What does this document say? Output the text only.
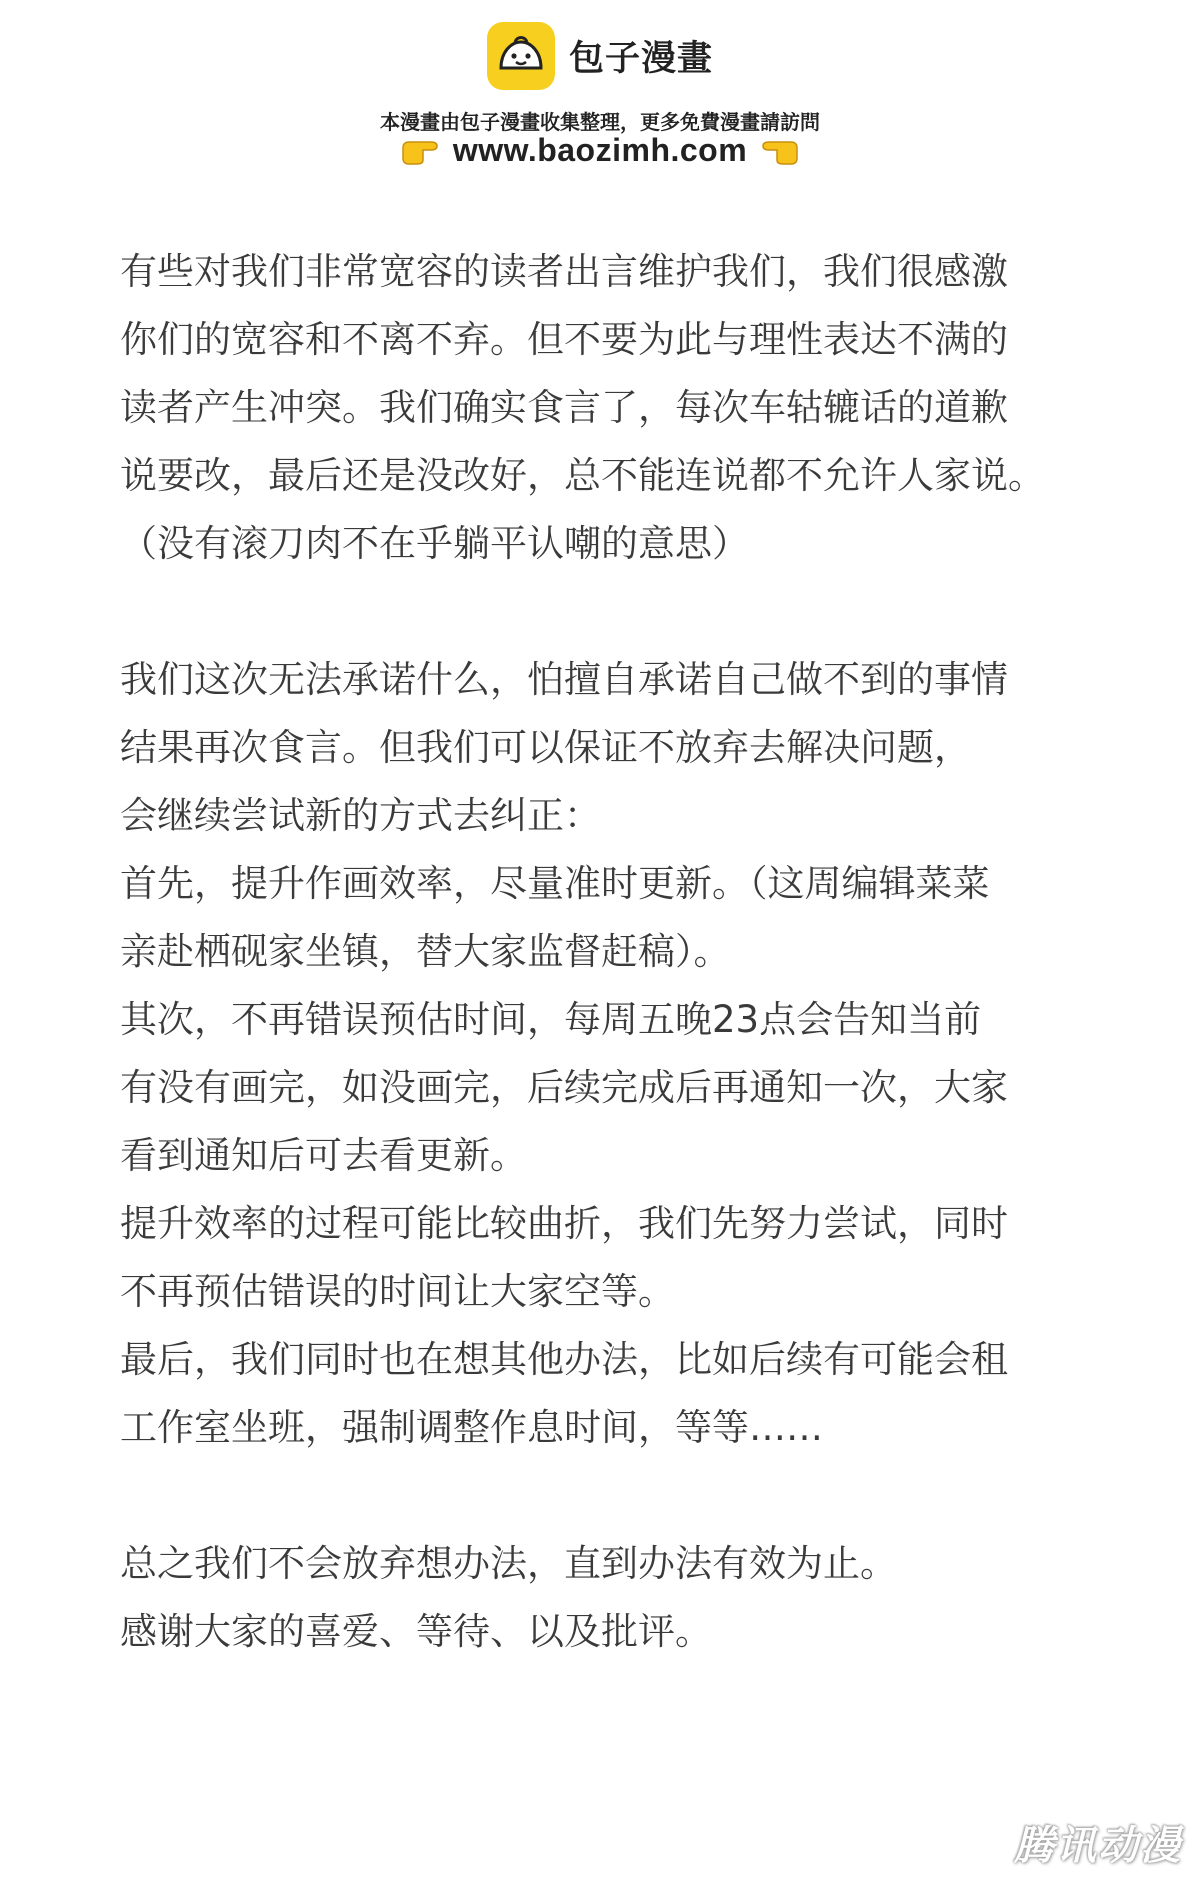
包子漫畫
本漫畫由包子漫畫收集整理，更多免費漫畫請訪問
www.baozimh.com
有些对我们非常宽容的读者出言维护我们，我们很感激
你们的宽容和不离不弃。但不要为此与理性表达不满的
读者产生冲突。我们确实食言了，每次车轱辘话的道歉
说要改，最后还是没改好，总不能连说都不允许人家说。
（没有滚刀肉不在乎躺平认嘲的意思）
我们这次无法承诺什么，怕擅自承诺自己做不到的事情
结果再次食言。但我们可以保证不放弃去解决问题，
会继续尝试新的方式去纠正：
首先，提升作画效率，尽量准时更新。（这周编辑菜菜
亲赴栖砚家坐镇，替大家监督赶稿）。
其次，不再错误预估时间，每周五晚23点会告知当前
有没有画完，如没画完，后续完成后再通知一次，大家
看到通知后可去看更新。
提升效率的过程可能比较曲折，我们先努力尝试，同时
不再预估错误的时间让大家空等。
最后，我们同时也在想其他办法，比如后续有可能会租
工作室坐班，强制调整作息时间，等等……
总之我们不会放弃想办法，直到办法有效为止。
感谢大家的喜爱、等待、以及批评。
腾讯动漫
